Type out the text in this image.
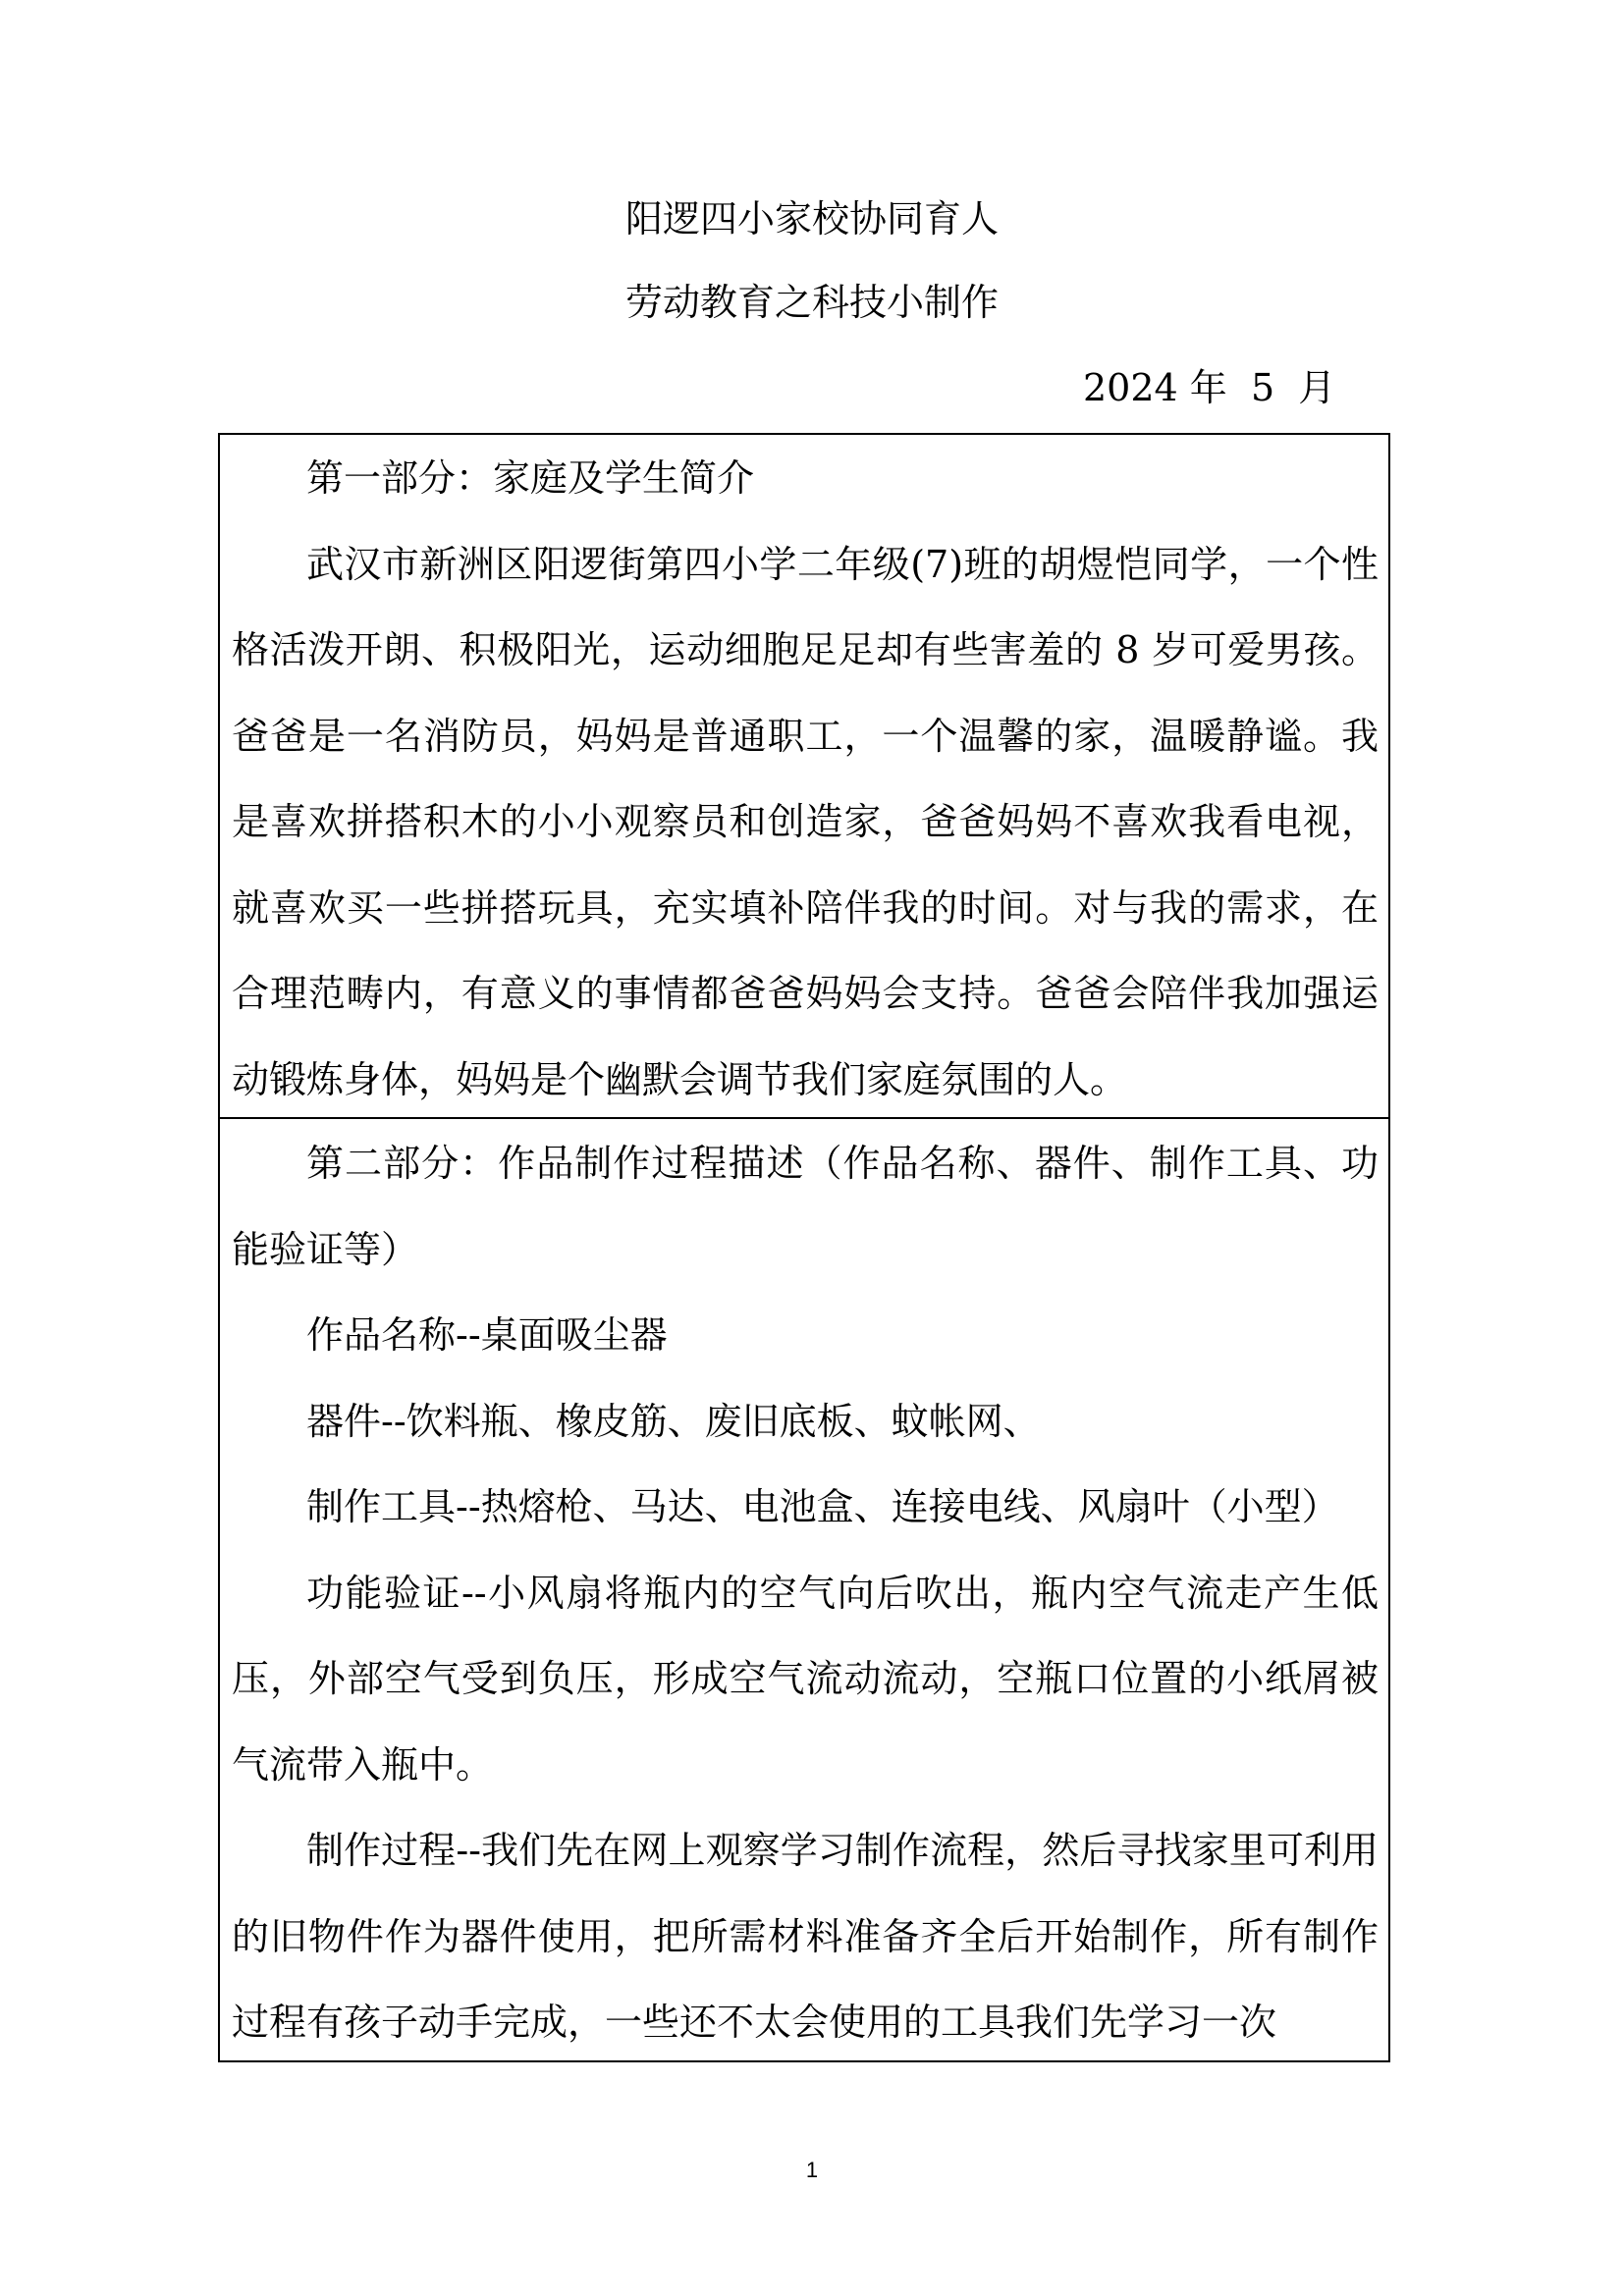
阳逻四小家校协同育人
劳动教育之科技小制作
2024 年  5  月

第一部分：家庭及学生简介

武汉市新洲区阳逻街第四小学二年级(7)班的胡煜恺同学，一个性格活泼开朗、积极阳光，运动细胞足足却有些害羞的 8 岁可爱男孩。爸爸是一名消防员，妈妈是普通职工，一个温馨的家，温暖静谧。我是喜欢拼搭积木的小小观察员和创造家，爸爸妈妈不喜欢我看电视，就喜欢买一些拼搭玩具，充实填补陪伴我的时间。对与我的需求，在合理范畴内，有意义的事情都爸爸妈妈会支持。爸爸会陪伴我加强运动锻炼身体，妈妈是个幽默会调节我们家庭氛围的人。

第二部分：作品制作过程描述（作品名称、器件、制作工具、功能验证等）

作品名称--桌面吸尘器

器件--饮料瓶、橡皮筋、废旧底板、蚊帐网、

制作工具--热熔枪、马达、电池盒、连接电线、风扇叶（小型）

功能验证--小风扇将瓶内的空气向后吹出，瓶内空气流走产生低压，外部空气受到负压，形成空气流动流动，空瓶口位置的小纸屑被气流带入瓶中。

制作过程--我们先在网上观察学习制作流程，然后寻找家里可利用的旧物件作为器件使用，把所需材料准备齐全后开始制作，所有制作过程有孩子动手完成，一些还不太会使用的工具我们先学习一次

1
